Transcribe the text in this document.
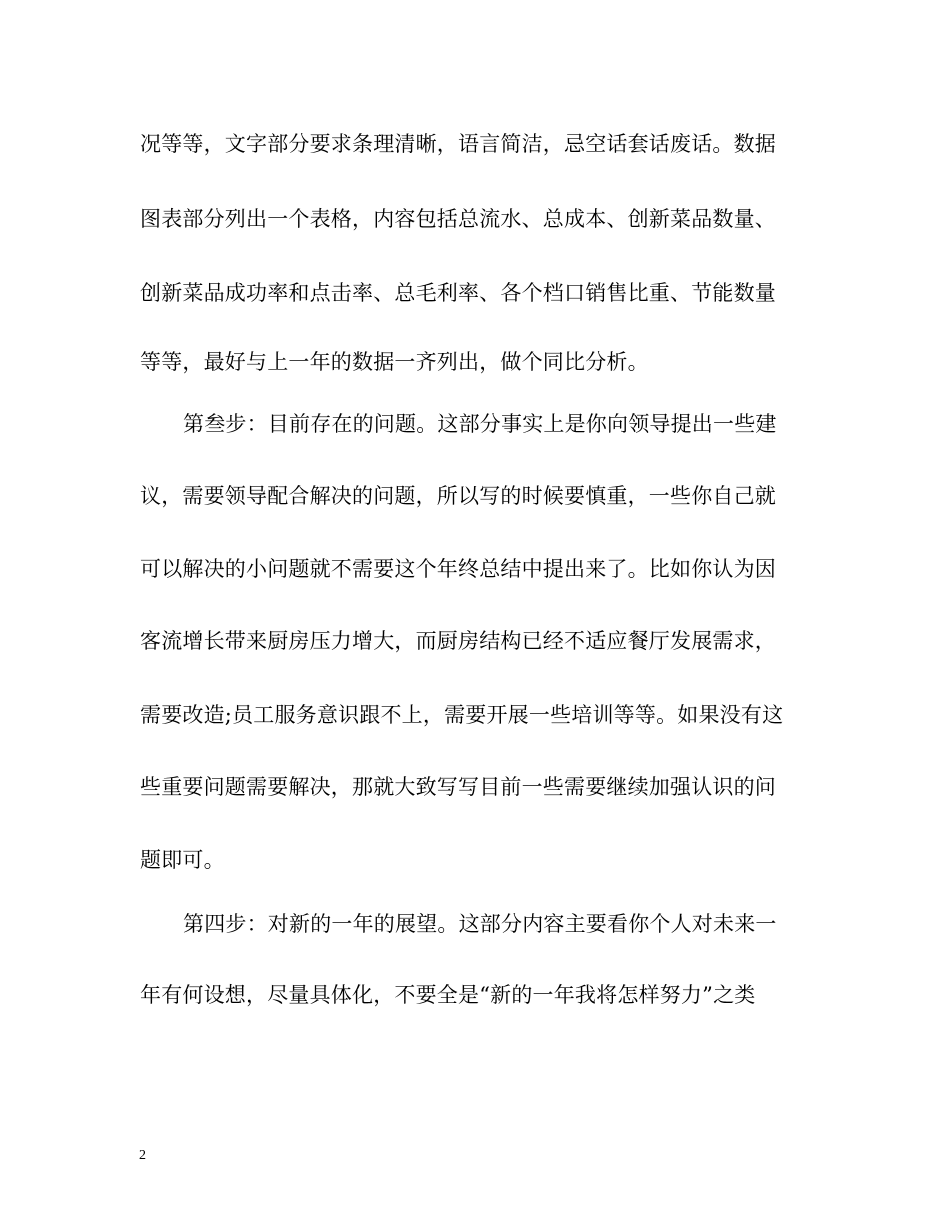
况等等，文字部分要求条理清晰，语言简洁，忌空话套话废话。数据
图表部分列出一个表格，内容包括总流水、总成本、创新菜品数量、
创新菜品成功率和点击率、总毛利率、各个档口销售比重、节能数量
等等，最好与上一年的数据一齐列出，做个同比分析。
第叁步：目前存在的问题。这部分事实上是你向领导提出一些建
议，需要领导配合解决的问题，所以写的时候要慎重，一些你自己就
可以解决的小问题就不需要这个年终总结中提出来了。比如你认为因
客流增长带来厨房压力增大，而厨房结构已经不适应餐厅发展需求，
需要改造;员工服务意识跟不上，需要开展一些培训等等。如果没有这
些重要问题需要解决，那就大致写写目前一些需要继续加强认识的问
题即可。
第四步：对新的一年的展望。这部分内容主要看你个人对未来一
年有何设想，尽量具体化，不要全是“新的一年我将怎样努力”之类
2
